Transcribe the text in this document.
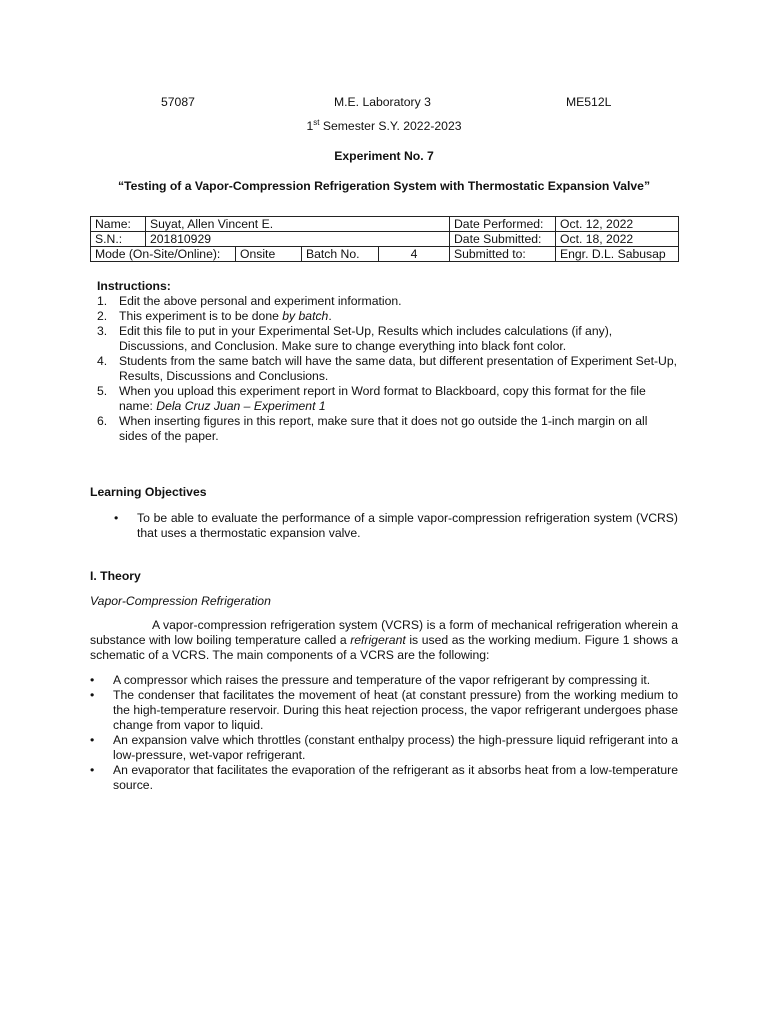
57087	M.E. Laboratory 3	ME512L
1st Semester S.Y. 2022-2023
Experiment No. 7
“Testing of a Vapor-Compression Refrigeration System with Thermostatic Expansion Valve”
Name:	Suyat, Allen Vincent E.				Date Performed:	Oct. 12, 2022
S.N.:	201810929				Date Submitted:	Oct. 18, 2022
Mode (On-Site/Online):		Onsite	Batch No.	4	Submitted to:	Engr. D.L. Sabusap
Instructions:
1. Edit the above personal and experiment information.
2. This experiment is to be done by batch.
3. Edit this file to put in your Experimental Set-Up, Results which includes calculations (if any), Discussions, and Conclusion. Make sure to change everything into black font color.
4. Students from the same batch will have the same data, but different presentation of Experiment Set-Up, Results, Discussions and Conclusions.
5. When you upload this experiment report in Word format to Blackboard, copy this format for the file name: Dela Cruz Juan – Experiment 1
6. When inserting figures in this report, make sure that it does not go outside the 1-inch margin on all sides of the paper.
Learning Objectives
• To be able to evaluate the performance of a simple vapor-compression refrigeration system (VCRS) that uses a thermostatic expansion valve.
I. Theory
Vapor-Compression Refrigeration
A vapor-compression refrigeration system (VCRS) is a form of mechanical refrigeration wherein a substance with low boiling temperature called a refrigerant is used as the working medium. Figure 1 shows a schematic of a VCRS. The main components of a VCRS are the following:
• A compressor which raises the pressure and temperature of the vapor refrigerant by compressing it.
• The condenser that facilitates the movement of heat (at constant pressure) from the working medium to the high-temperature reservoir. During this heat rejection process, the vapor refrigerant undergoes phase change from vapor to liquid.
• An expansion valve which throttles (constant enthalpy process) the high-pressure liquid refrigerant into a low-pressure, wet-vapor refrigerant.
• An evaporator that facilitates the evaporation of the refrigerant as it absorbs heat from a low-temperature source.
